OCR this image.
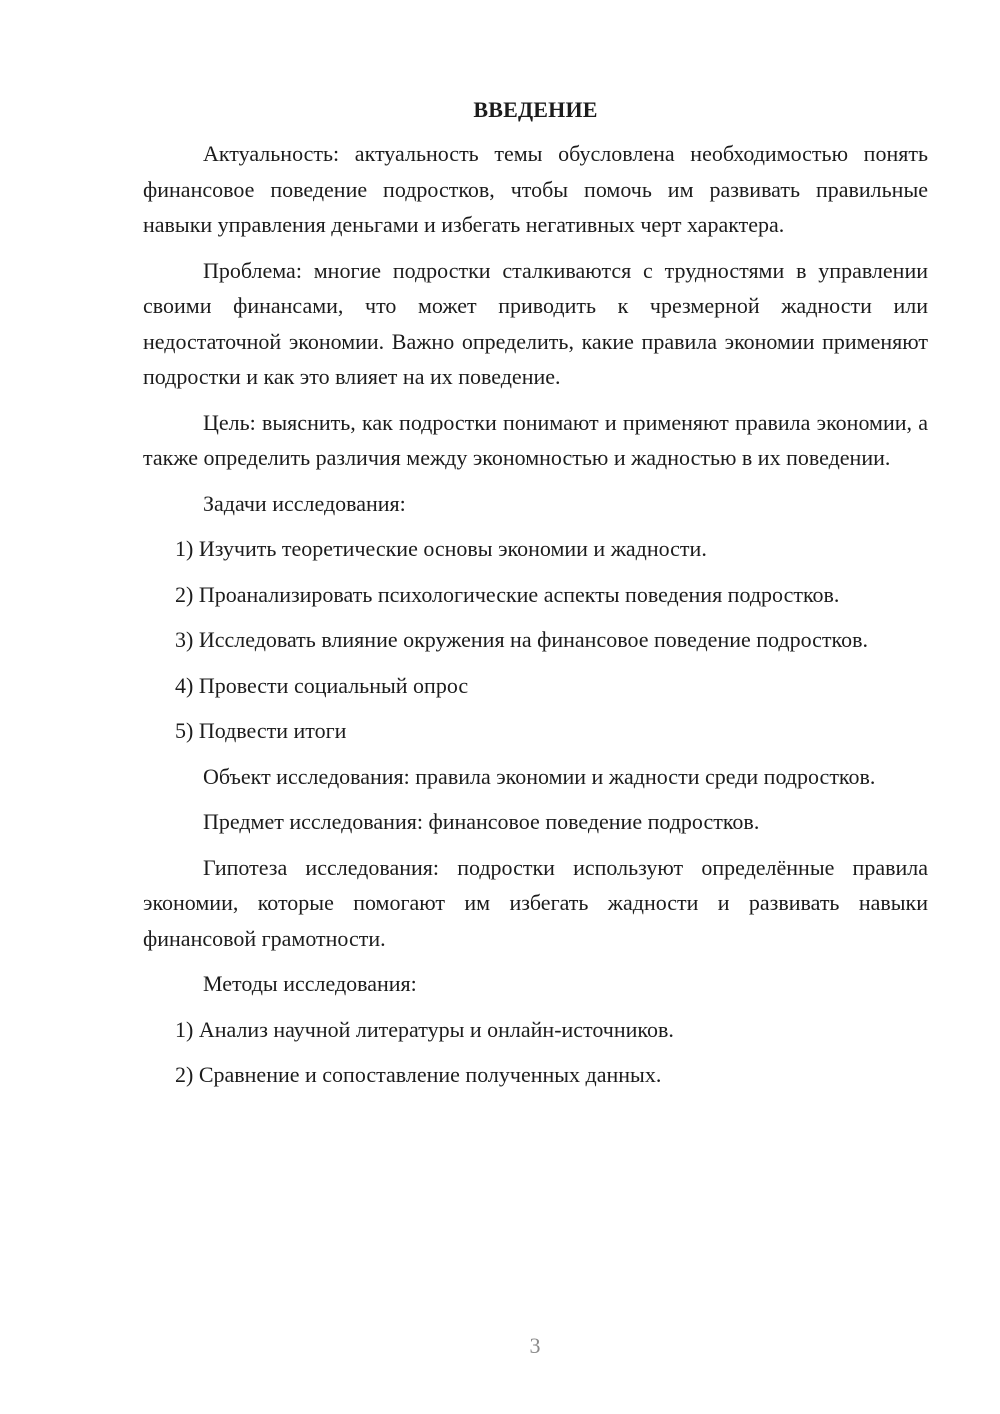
ВВЕДЕНИЕ

Актуальность: актуальность темы обусловлена необходимостью понять финансовое поведение подростков, чтобы помочь им развивать правильные навыки управления деньгами и избегать негативных черт характера.

Проблема: многие подростки сталкиваются с трудностями в управлении своими финансами, что может приводить к чрезмерной жадности или недостаточной экономии. Важно определить, какие правила экономии применяют подростки и как это влияет на их поведение.

Цель: выяснить, как подростки понимают и применяют правила экономии, а также определить различия между экономностью и жадностью в их поведении.

Задачи исследования:

1) Изучить теоретические основы экономии и жадности.

2) Проанализировать психологические аспекты поведения подростков.

3) Исследовать влияние окружения на финансовое поведение подростков.

4) Провести социальный опрос

5) Подвести итоги

Объект исследования: правила экономии и жадности среди подростков.

Предмет исследования: финансовое поведение подростков.

Гипотеза исследования: подростки используют определённые правила экономии, которые помогают им избегать жадности и развивать навыки финансовой грамотности.

Методы исследования:

1) Анализ научной литературы и онлайн-источников.

2) Сравнение и сопоставление полученных данных.

3
